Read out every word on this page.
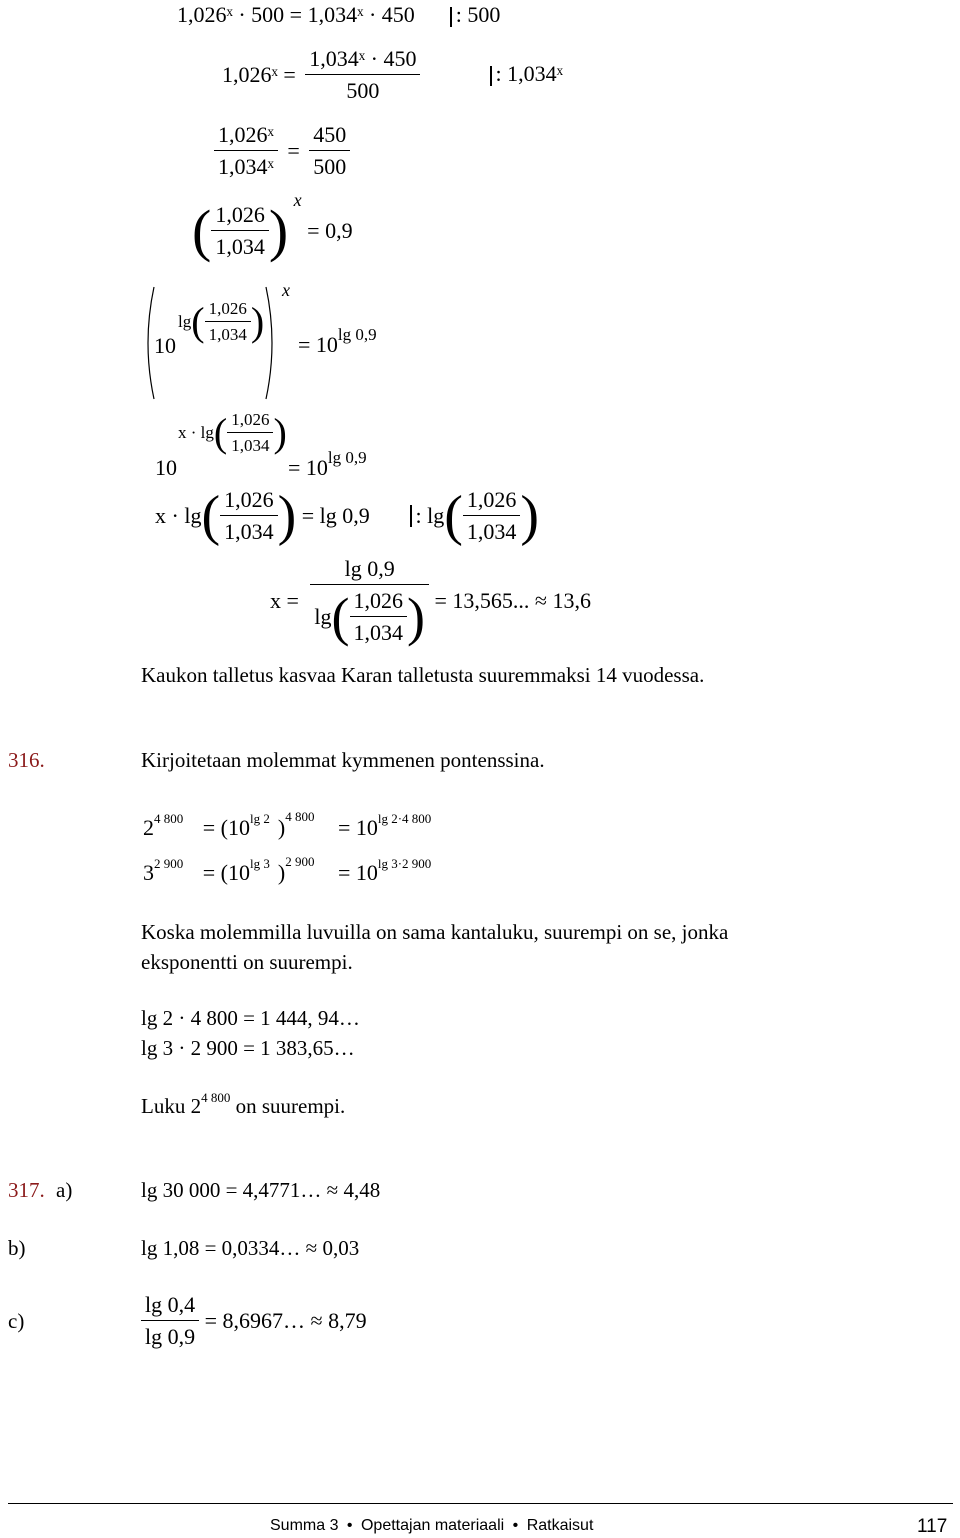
1,026ˣ · 500 = 1,034ˣ · 450 : 500
1,026ˣ = $\frac{\text{1,034ˣ · 450}}{500}$	: 1,034ˣ
$\frac{\text{1,026ˣ}}{\text{1,034ˣ}} = \frac{450}{500}$
( $\frac{1,026}{1,034}$ ) $^x$ = 0,9
10
$\lg( \frac{1,026}{1,034}$ )
x
= $10^{lg 0,9}$
10
$x \cdot \lg( \frac{1,026}{1,034}$ )
= $10^{lg 0,9}$
$x \cdot \lg( \frac{1,026}{1,034}$ ) = lg 0,9 : $\lg( \frac{1,026}{1,034}$ )
$x = \frac{\lg 0,9}{\lg( \frac{1,026}{1,034} )} = 13,565$... ≈ 13,6
Kaukon talletus kasvaa Karan talletusta suuremmaksi 14 vuodessa.
316.	Kirjoitetaan molemmat kymmenen pontenssina.
$2^{4 800} = (10^{lg 2}$ )$^{4 800} = 10^{lg 2\cdot 4 800}$
$3^{2 900} = (10^{lg 3}$ )$^{2 900} = 10^{lg 3\cdot 2 900}$
Koska molemmilla luvuilla on sama kantaluku, suurempi on se, jonka
eksponentti on suurempi.
lg 2 · 4 800 = 1 444, 94…
lg 3 · 2 900 = 1 383,65…
Luku $2^{4 800}$ on suurempi.
317. a)	lg 30 000 = 4,4771… ≈ 4,48
b)	lg 1,08 = 0,0334… ≈ 0,03
c)	$\frac{\lg 0,4}{\lg 0,9}$ = 8,6967… ≈ 8,79
Summa 3 • Opettajan materiaali • Ratkaisut	117
